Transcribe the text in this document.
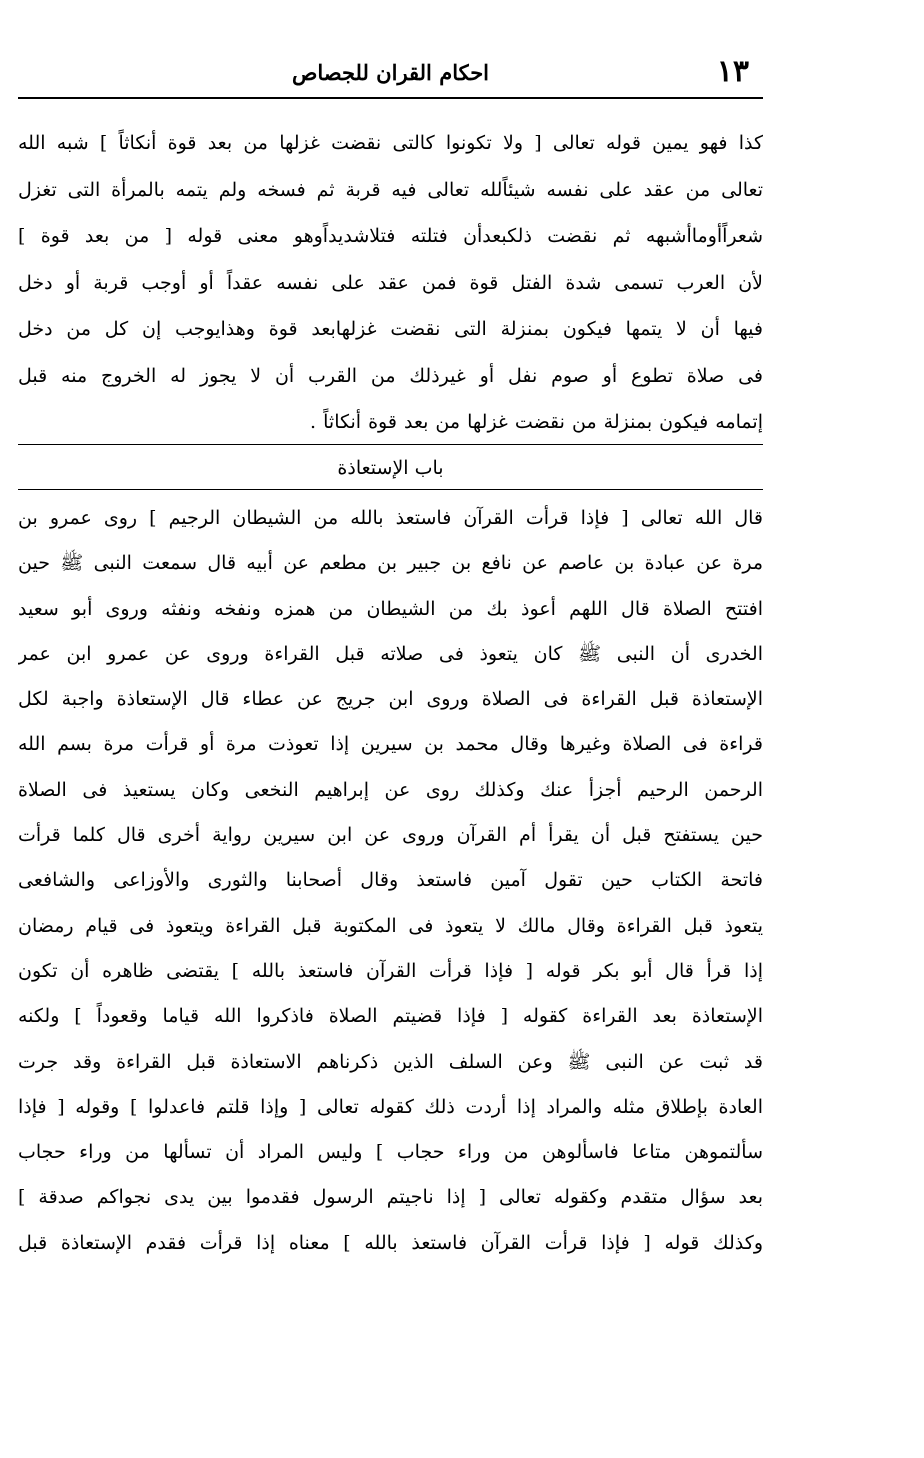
١٣
احكام القران للجصاص
كذا فهو يمين قوله تعالى [ ولا تكونوا كالتى نقضت غزلها من بعد قوة أنكاثاً ] شبه الله
تعالى من عقد على نفسه شيئاًلله تعالى فيه قربة ثم فسخه ولم يتمه بالمرأة التى تغزل
شعراًأوماأشبهه ثم نقضت ذلكبعدأن فتلته فتلاشديداًوهو معنى قوله [ من بعد قوة ]
لأن العرب تسمى شدة الفتل قوة فمن عقد على نفسه عقداً أو أوجب قربة أو دخل
فيها أن لا يتمها فيكون بمنزلة التى نقضت غزلهابعد قوة وهذايوجب إن كل من دخل
فى صلاة تطوع أو صوم نفل أو غيرذلك من القرب أن لا يجوز له الخروج منه قبل
إتمامه فيكون بمنزلة من نقضت غزلها من بعد قوة أنكاثاً .
باب الإستعاذة
قال الله تعالى [ فإذا قرأت القرآن فاستعذ بالله من الشيطان الرجيم ] روى عمرو بن
مرة عن عبادة بن عاصم عن نافع بن جبير بن مطعم عن أبيه قال سمعت النبى ﷺ حين
افتتح الصلاة قال اللهم أعوذ بك من الشيطان من همزه ونفخه ونفثه وروى أبو سعيد
الخدرى أن النبى ﷺ كان يتعوذ فى صلاته قبل القراءة وروى عن عمرو ابن عمر
الإستعاذة قبل القراءة فى الصلاة وروى ابن جريج عن عطاء قال الإستعاذة واجبة لكل
قراءة فى الصلاة وغيرها وقال محمد بن سيرين إذا تعوذت مرة أو قرأت مرة بسم الله
الرحمن الرحيم أجزأ عنك وكذلك روى عن إبراهيم النخعى وكان يستعيذ فى الصلاة
حين يستفتح قبل أن يقرأ أم القرآن وروى عن ابن سيرين رواية أخرى قال كلما قرأت
فاتحة الكتاب حين تقول آمين فاستعذ وقال أصحابنا والثورى والأوزاعى والشافعى
يتعوذ قبل القراءة وقال مالك لا يتعوذ فى المكتوبة قبل القراءة ويتعوذ فى قيام رمضان
إذا قرأ قال أبو بكر قوله [ فإذا قرأت القرآن فاستعذ بالله ] يقتضى ظاهره أن تكون
الإستعاذة بعد القراءة كقوله [ فإذا قضيتم الصلاة فاذكروا الله قياما وقعوداً ] ولكنه
قد ثبت عن النبى ﷺ وعن السلف الذين ذكرناهم الاستعاذة قبل القراءة وقد جرت
العادة بإطلاق مثله والمراد إذا أردت ذلك كقوله تعالى [ وإذا قلتم فاعدلوا ] وقوله [ فإذا
سألتموهن متاعا فاسألوهن من وراء حجاب ] وليس المراد أن تسألها من وراء حجاب
بعد سؤال متقدم وكقوله تعالى [ إذا ناجيتم الرسول فقدموا بين يدى نجواكم صدقة ]
وكذلك قوله [ فإذا قرأت القرآن فاستعذ بالله ] معناه إذا قرأت فقدم الإستعاذة قبل
